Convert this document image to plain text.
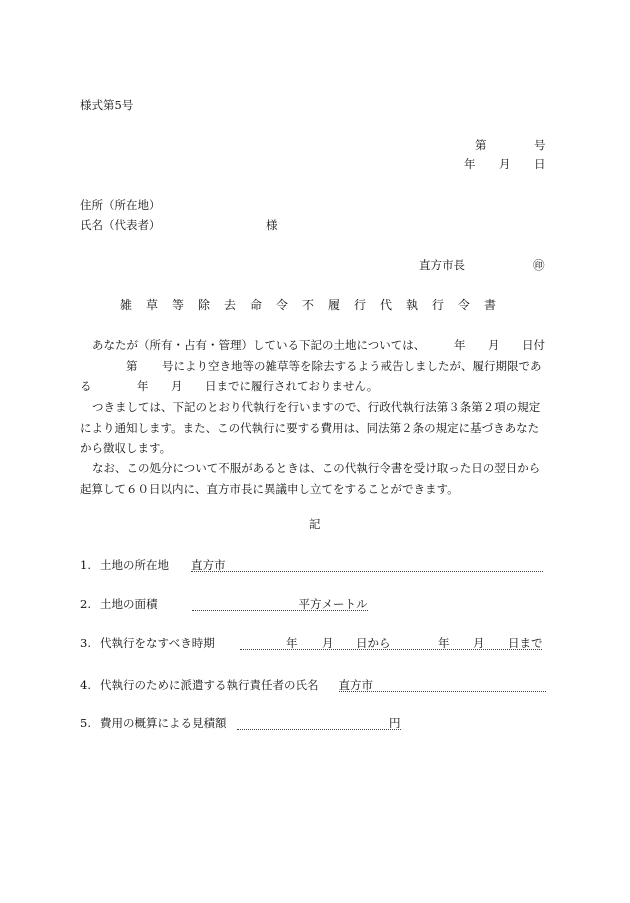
様式第5号
第	号
年 月 日
住所（所在地）
氏名（代表者）	様
直方市長	㊞
雑草等除去命令不履行代執行令書
あなたが（所有・占有・管理）している下記の土地については、 年 月 日付
第 号により空き地等の雑草等を除去するよう戒告しましたが、履行期限であ
る	年 月 日までに履行されておりません。

つきましては、下記のとおり代執行を行いますので、行政代執行法第３条第２項の規定により通知します。また、この代執行に要する費用は、同法第２条の規定に基づきあなたから徴収します。

なお、この処分について不服があるときは、この代執行令書を受け取った日の翌日から起算して６０日以内に、直方市長に異議申し立てをすることができます。

記
1. 土地の所在地 直方市
2. 土地の面積	平方メートル
3. 代執行をなすべき時期	年 月 日から	年 月 日まで
4. 代執行のために派遣する執行責任者の氏名 直方市
5. 費用の概算による見積額	円
